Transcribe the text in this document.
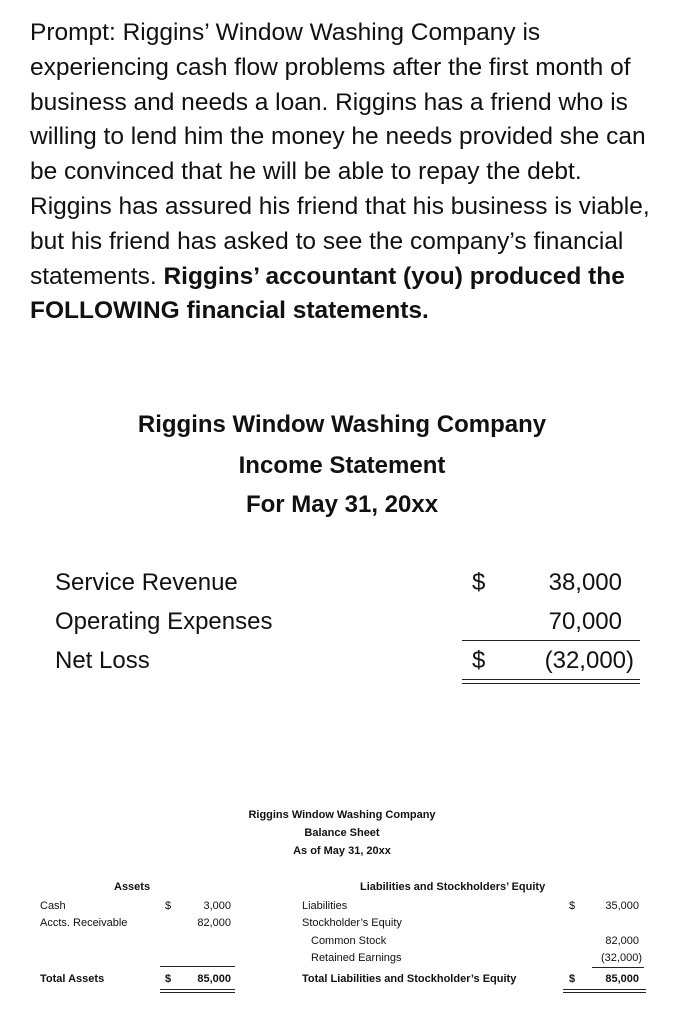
Prompt: Riggins’ Window Washing Company is experiencing cash flow problems after the first month of business and needs a loan. Riggins has a friend who is willing to lend him the money he needs provided she can be convinced that he will be able to repay the debt. Riggins has assured his friend that his business is viable, but his friend has asked to see the company’s financial statements. Riggins’ accountant (you) produced the FOLLOWING financial statements.
Riggins Window Washing Company
Income Statement
For May 31, 20xx
Service Revenue	$	38,000
Operating Expenses	70,000
Net Loss	$ (32,000)
Riggins Window Washing Company
Balance Sheet
As of May 31, 20xx
Assets
Cash	$	3,000
Accts. Receivable	82,000
Total Assets	$ 85,000
Liabilities and Stockholders’ Equity
Liabilities	$	35,000
Stockholder’s Equity
Common Stock	82,000
Retained Earnings	(32,000)
Total Liabilities and Stockholder’s Equity	$	85,000
